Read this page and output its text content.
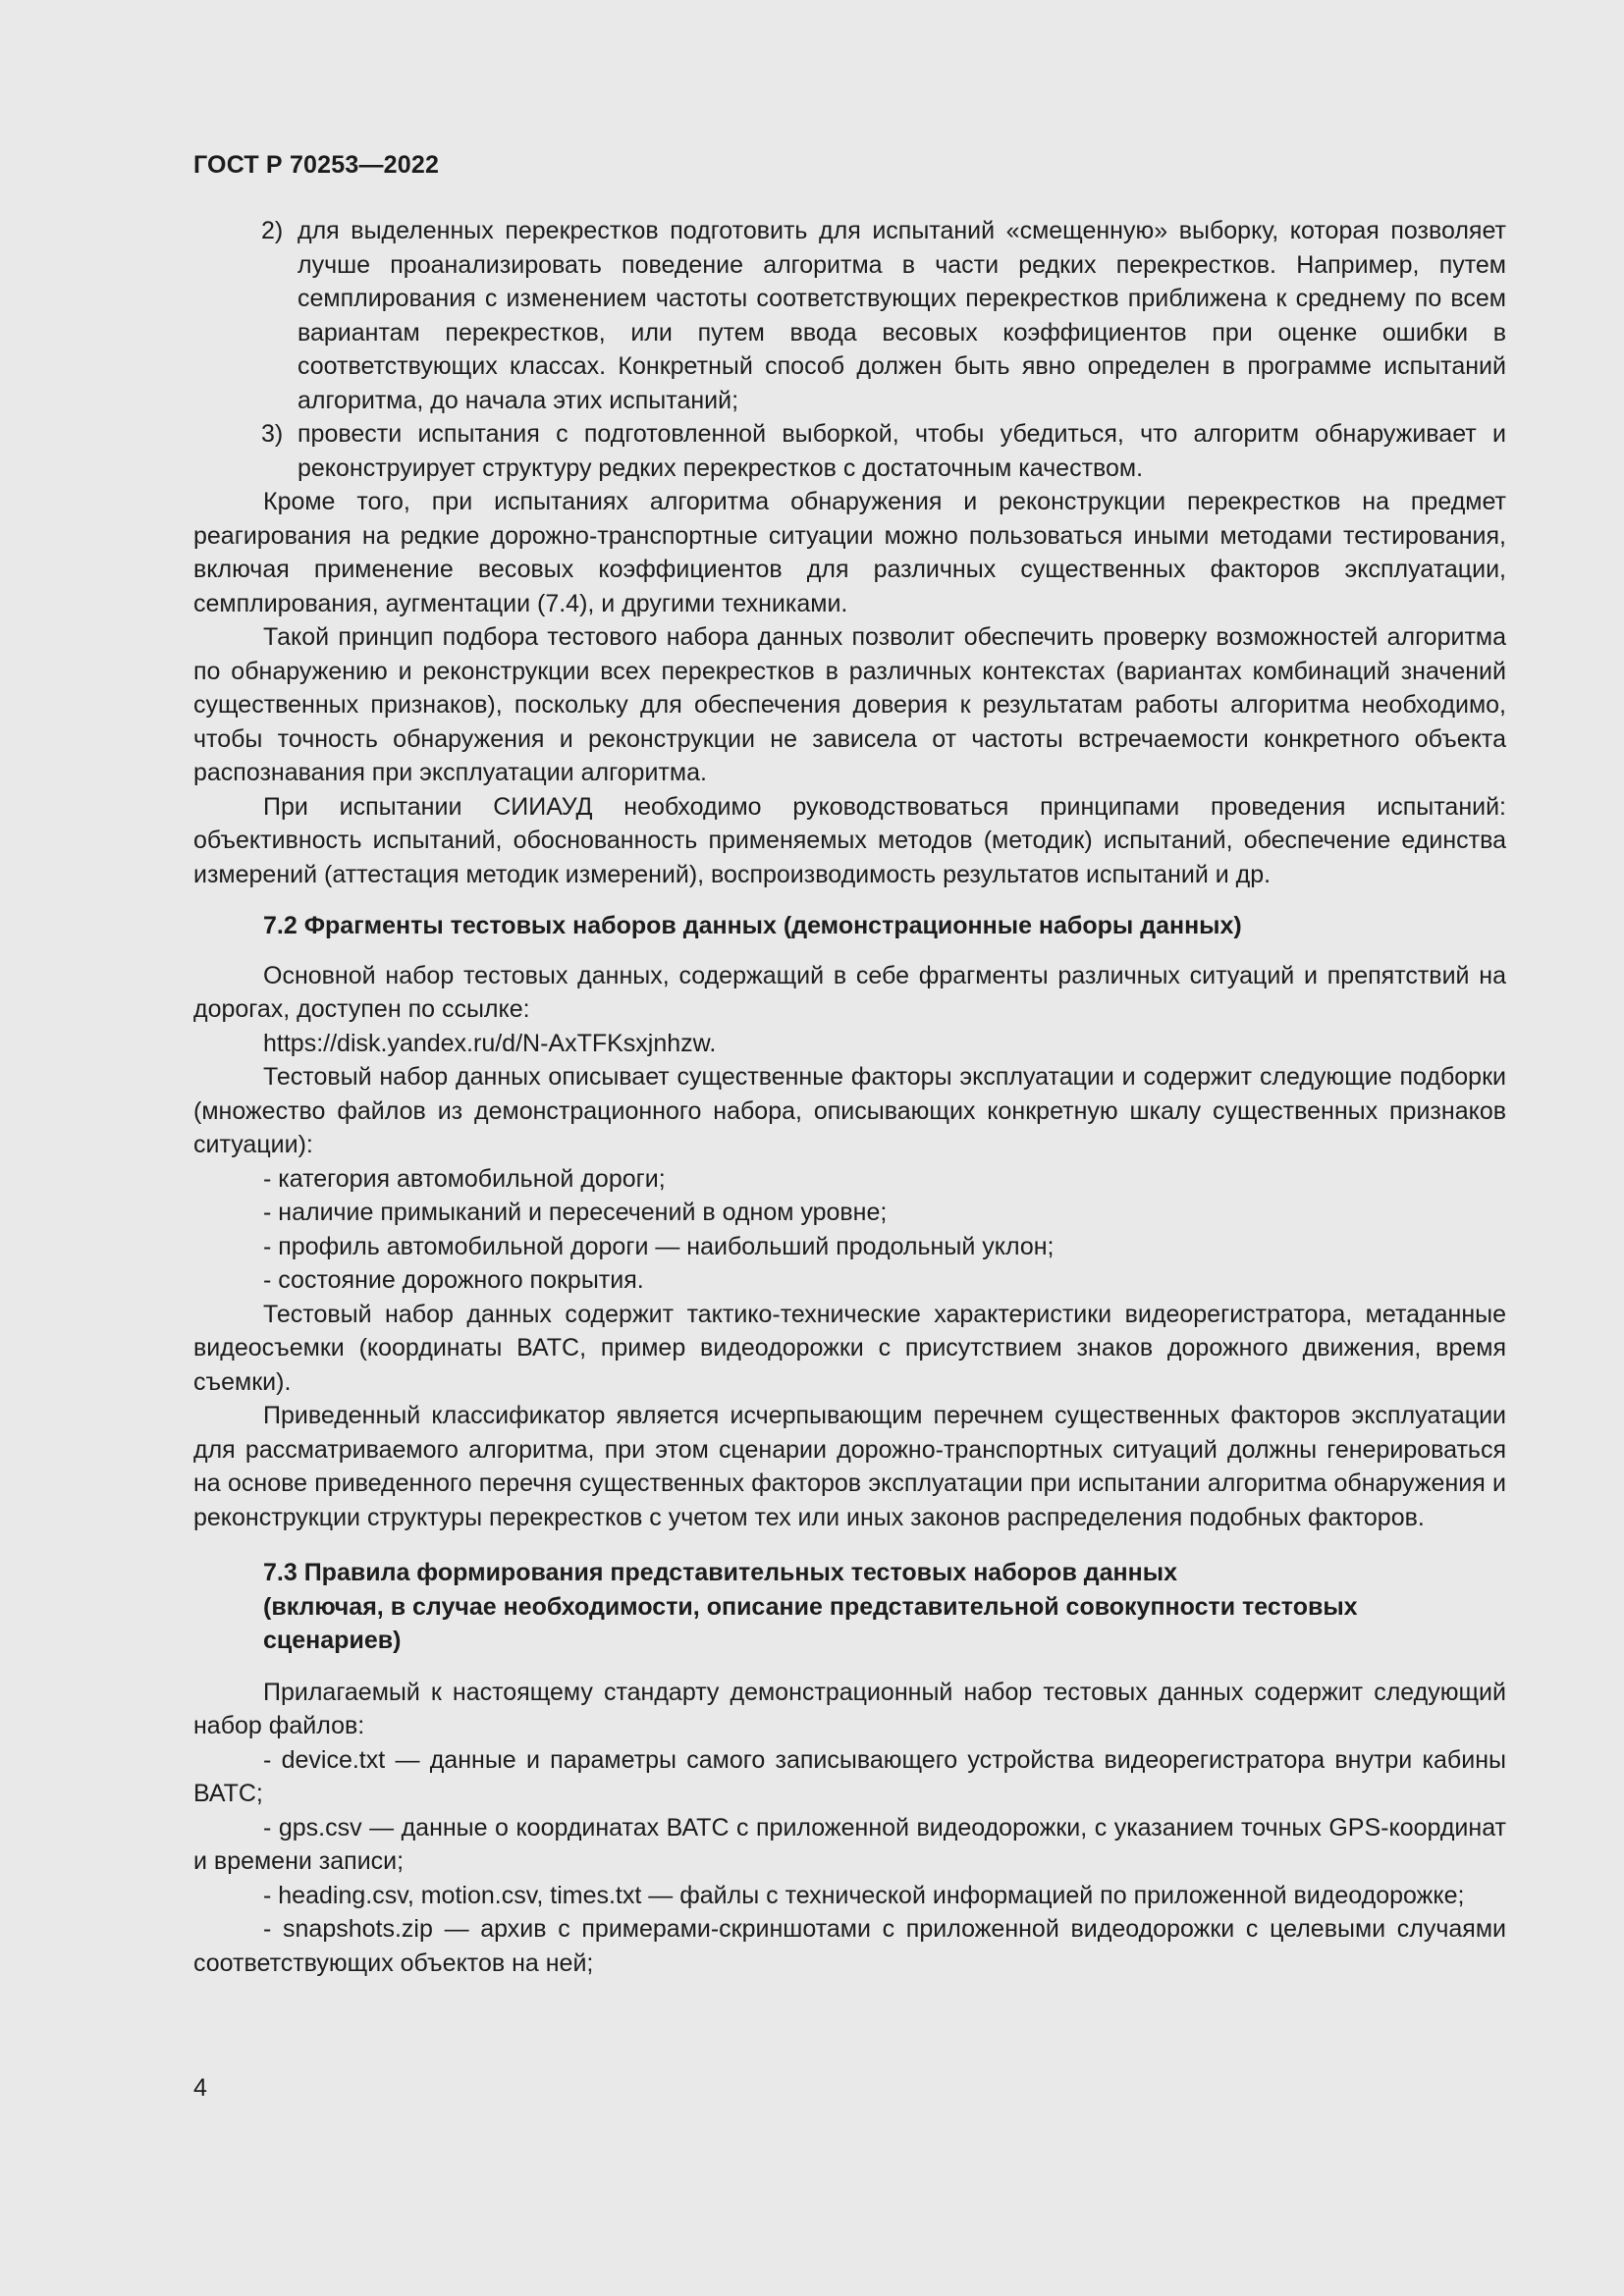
ГОСТ Р 70253—2022
2) для выделенных перекрестков подготовить для испытаний «смещенную» выборку, которая позволяет лучше проанализировать поведение алгоритма в части редких перекрестков. Например, путем семплирования с изменением частоты соответствующих перекрестков приближена к среднему по всем вариантам перекрестков, или путем ввода весовых коэффициентов при оценке ошибки в соответствующих классах. Конкретный способ должен быть явно определен в программе испытаний алгоритма, до начала этих испытаний;
3) провести испытания с подготовленной выборкой, чтобы убедиться, что алгоритм обнаруживает и реконструирует структуру редких перекрестков с достаточным качеством.

Кроме того, при испытаниях алгоритма обнаружения и реконструкции перекрестков на предмет реагирования на редкие дорожно-транспортные ситуации можно пользоваться иными методами тестирования, включая применение весовых коэффициентов для различных существенных факторов эксплуатации, семплирования, аугментации (7.4), и другими техниками.

Такой принцип подбора тестового набора данных позволит обеспечить проверку возможностей алгоритма по обнаружению и реконструкции всех перекрестков в различных контекстах (вариантах комбинаций значений существенных признаков), поскольку для обеспечения доверия к результатам работы алгоритма необходимо, чтобы точность обнаружения и реконструкции не зависела от частоты встречаемости конкретного объекта распознавания при эксплуатации алгоритма.

При испытании СИИАУД необходимо руководствоваться принципами проведения испытаний: объективность испытаний, обоснованность применяемых методов (методик) испытаний, обеспечение единства измерений (аттестация методик измерений), воспроизводимость результатов испытаний и др.

7.2 Фрагменты тестовых наборов данных (демонстрационные наборы данных)

Основной набор тестовых данных, содержащий в себе фрагменты различных ситуаций и препятствий на дорогах, доступен по ссылке:

https://disk.yandex.ru/d/N-AxTFKsxjnhzw.

Тестовый набор данных описывает существенные факторы эксплуатации и содержит следующие подборки (множество файлов из демонстрационного набора, описывающих конкретную шкалу существенных признаков ситуации):

- категория автомобильной дороги;

- наличие примыканий и пересечений в одном уровне;

- профиль автомобильной дороги — наибольший продольный уклон;

- состояние дорожного покрытия.

Тестовый набор данных содержит тактико-технические характеристики видеорегистратора, метаданные видеосъемки (координаты ВАТС, пример видеодорожки с присутствием знаков дорожного движения, время съемки).

Приведенный классификатор является исчерпывающим перечнем существенных факторов эксплуатации для рассматриваемого алгоритма, при этом сценарии дорожно-транспортных ситуаций должны генерироваться на основе приведенного перечня существенных факторов эксплуатации при испытании алгоритма обнаружения и реконструкции структуры перекрестков с учетом тех или иных законов распределения подобных факторов.

7.3 Правила формирования представительных тестовых наборов данных
(включая, в случае необходимости, описание представительной совокупности тестовых
сценариев)

Прилагаемый к настоящему стандарту демонстрационный набор тестовых данных содержит следующий набор файлов:

- device.txt — данные и параметры самого записывающего устройства видеорегистратора внутри кабины ВАТС;

- gps.csv — данные о координатах ВАТС с приложенной видеодорожки, с указанием точных GPS-координат и времени записи;

- heading.csv, motion.csv, times.txt — файлы с технической информацией по приложенной видеодорожке;

- snapshots.zip — архив с примерами-скриншотами с приложенной видеодорожки с целевыми случаями соответствующих объектов на ней;

4
